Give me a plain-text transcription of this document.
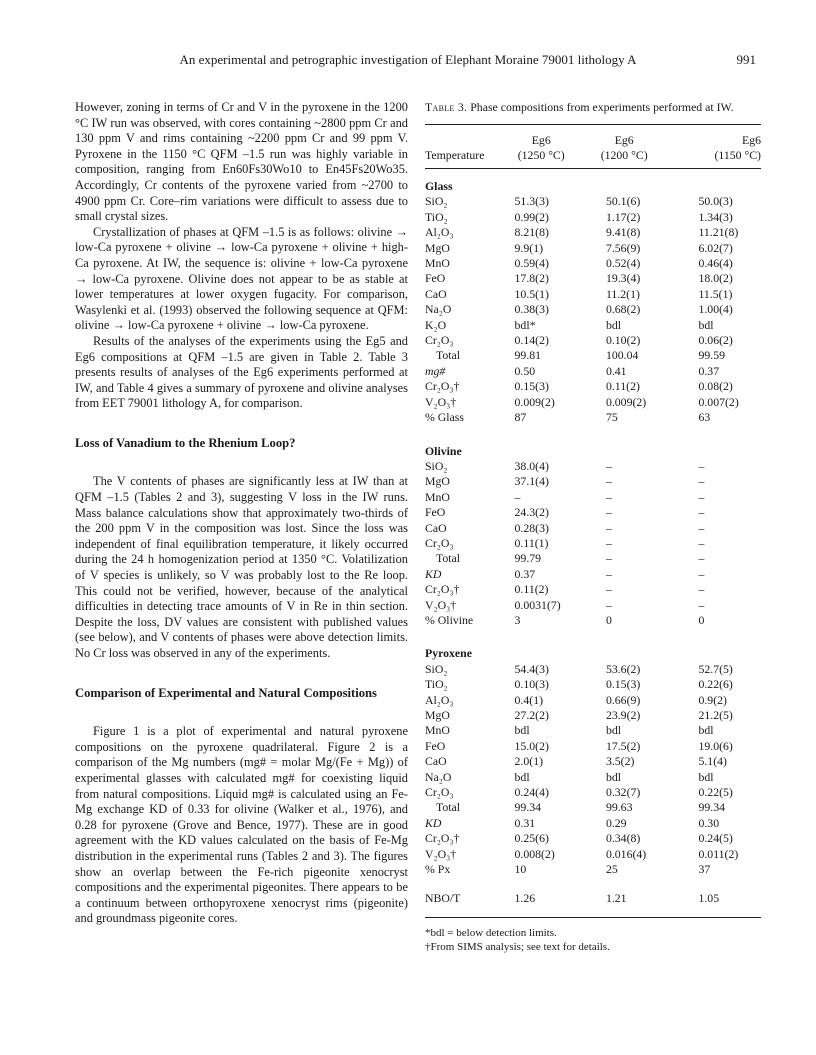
An experimental and petrographic investigation of Elephant Moraine 79001 lithology A	991

However, zoning in terms of Cr and V in the pyroxene in the 1200 °C IW run was observed, with cores containing ~2800 ppm Cr and 130 ppm V and rims containing ~2200 ppm Cr and 99 ppm V. Pyroxene in the 1150 °C QFM –1.5 run was highly variable in composition, ranging from En60Fs30Wo10 to En45Fs20Wo35. Accordingly, Cr contents of the pyroxene varied from ~2700 to 4900 ppm Cr. Core–rim variations were difficult to assess due to small crystal sizes.

Crystallization of phases at QFM –1.5 is as follows: olivine → low-Ca pyroxene + olivine → low-Ca pyroxene + olivine + high-Ca pyroxene. At IW, the sequence is: olivine + low-Ca pyroxene → low-Ca pyroxene. Olivine does not appear to be as stable at lower temperatures at lower oxygen fugacity. For comparison, Wasylenki et al. (1993) observed the following sequence at QFM: olivine → low-Ca pyroxene + olivine → low-Ca pyroxene.

Results of the analyses of the experiments using the Eg5 and Eg6 compositions at QFM –1.5 are given in Table 2. Table 3 presents results of analyses of the Eg6 experiments performed at IW, and Table 4 gives a summary of pyroxene and olivine analyses from EET 79001 lithology A, for comparison.

Loss of Vanadium to the Rhenium Loop?

The V contents of phases are significantly less at IW than at QFM –1.5 (Tables 2 and 3), suggesting V loss in the IW runs. Mass balance calculations show that approximately two-thirds of the 200 ppm V in the composition was lost. Since the loss was independent of final equilibration temperature, it likely occurred during the 24 h homogenization period at 1350 °C. Volatilization of V species is unlikely, so V was probably lost to the Re loop. This could not be verified, however, because of the analytical difficulties in detecting trace amounts of V in Re in thin section. Despite the loss, DV values are consistent with published values (see below), and V contents of phases were above detection limits. No Cr loss was observed in any of the experiments.

Comparison of Experimental and Natural Compositions

Figure 1 is a plot of experimental and natural pyroxene compositions on the pyroxene quadrilateral. Figure 2 is a comparison of the Mg numbers (mg# = molar Mg/(Fe + Mg)) of experimental glasses with calculated mg# for coexisting liquid from natural compositions. Liquid mg# is calculated using an Fe-Mg exchange KD of 0.33 for olivine (Walker et al., 1976), and 0.28 for pyroxene (Grove and Bence, 1977). These are in good agreement with the KD values calculated on the basis of Fe-Mg distribution in the experimental runs (Tables 2 and 3). The figures show an overlap between the Fe-rich pigeonite xenocryst compositions and the experimental pigeonites. There appears to be a continuum between orthopyroxene xenocryst rims (pigeonite) and groundmass pigeonite cores.

Table 3. Phase compositions from experiments performed at IW.
	Eg6	Eg6	Eg6
Temperature	(1250 °C)	(1200 °C)	(1150 °C)

Glass			
SiO₂	51.3(3)	50.1(6)	50.0(3)
TiO₂	0.99(2)	1.17(2)	1.34(3)
Al₂O₃	8.21(8)	9.41(8)	11.21(8)
MgO	9.9(1)	7.56(9)	6.02(7)
MnO	0.59(4)	0.52(4)	0.46(4)
FeO	17.8(2)	19.3(4)	18.0(2)
CaO	10.5(1)	11.2(1)	11.5(1)
Na₂O	0.38(3)	0.68(2)	1.00(4)
K₂O	bdl*	bdl	bdl
Cr₂O₃	0.14(2)	0.10(2)	0.06(2)
Total	99.81	100.04	99.59
mg#	0.50	0.41	0.37
Cr₂O₃†	0.15(3)	0.11(2)	0.08(2)
V₂O₃†	0.009(2)	0.009(2)	0.007(2)
% Glass	87	75	63
Olivine			
SiO₂	38.0(4)	–	–
MgO	37.1(4)	–	–
MnO	–	–	–
FeO	24.3(2)	–	–
CaO	0.28(3)	–	–
Cr₂O₃	0.11(1)	–	–
Total	99.79	–	–
KD	0.37	–	–
Cr₂O₃†	0.11(2)	–	–
V₂O₃†	0.0031(7)	–	–
% Olivine	3	0	0
Pyroxene			
SiO₂	54.4(3)	53.6(2)	52.7(5)
TiO₂	0.10(3)	0.15(3)	0.22(6)
Al₂O₃	0.4(1)	0.66(9)	0.9(2)
MgO	27.2(2)	23.9(2)	21.2(5)
MnO	bdl	bdl	bdl
FeO	15.0(2)	17.5(2)	19.0(6)
CaO	2.0(1)	3.5(2)	5.1(4)
Na₂O	bdl	bdl	bdl
Cr₂O₃	0.24(4)	0.32(7)	0.22(5)
Total	99.34	99.63	99.34
KD	0.31	0.29	0.30
Cr₂O₃†	0.25(6)	0.34(8)	0.24(5)
V₂O₃†	0.008(2)	0.016(4)	0.011(2)
% Px	10	25	37
NBO/T	1.26	1.21	1.05

*bdl = below detection limits.
†From SIMS analysis; see text for details.
